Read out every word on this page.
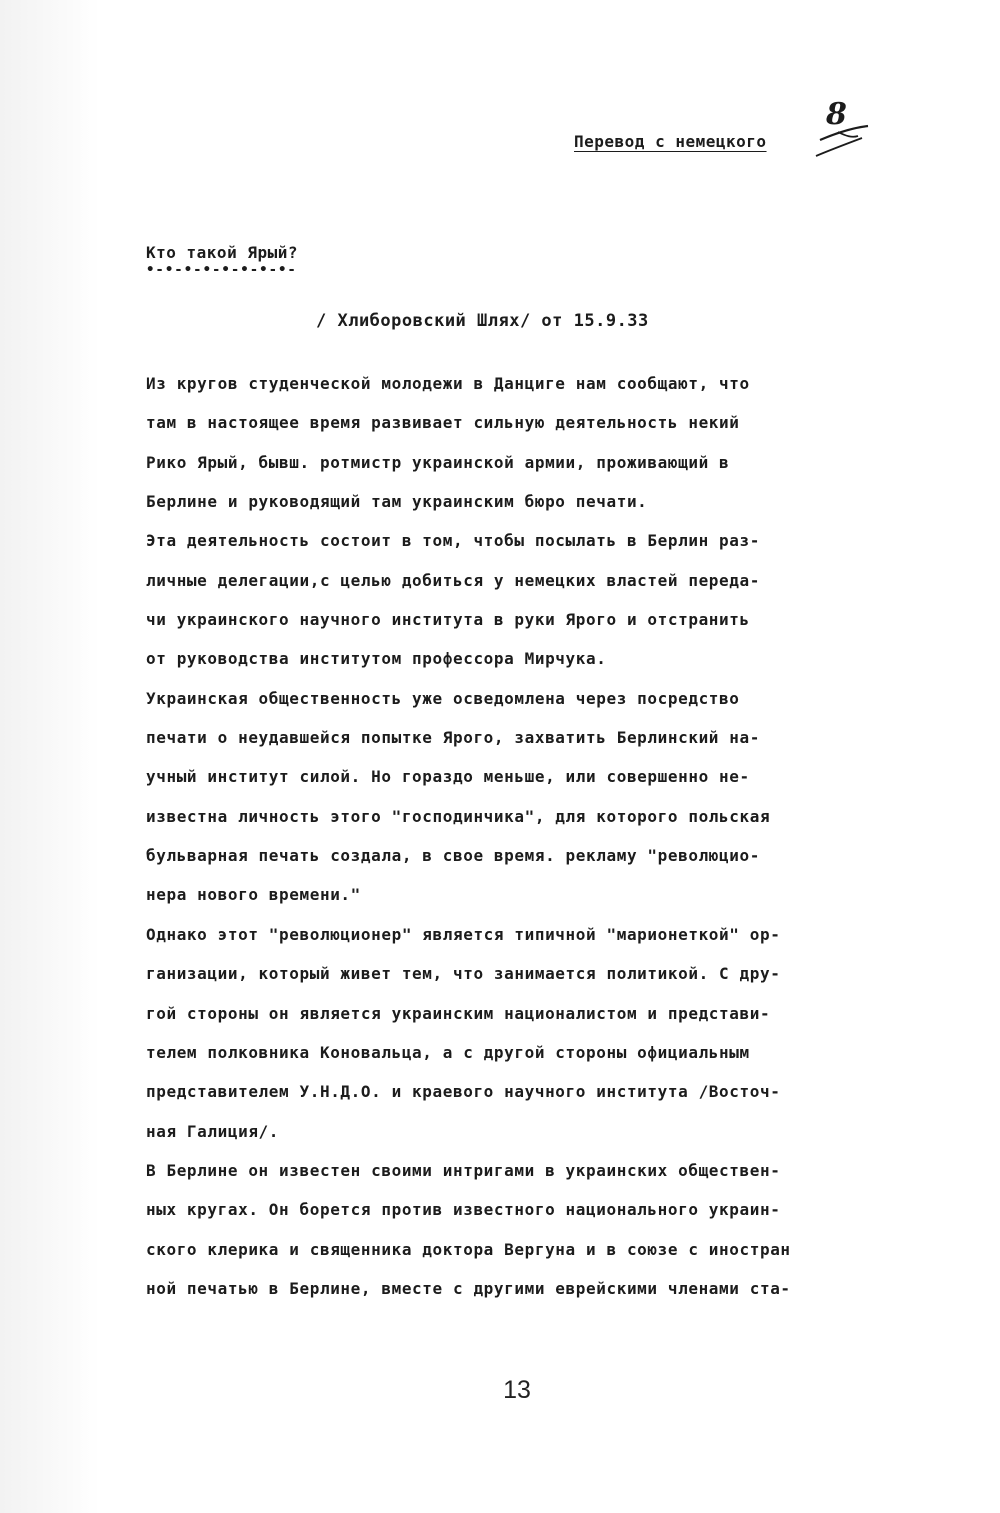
Перевод с немецкого
8
Кто такой Ярый?
•-•-•-•-•-•-•-•-
/ Хлиборовский Шлях/ от 15.9.33
Из кругов студенческой молодежи в Данциге нам сообщают, что
там в настоящее время развивает сильную деятельность некий
Рико Ярый, бывш. ротмистр украинской армии, проживающий в
Берлине и руководящий там украинским бюро печати.
Эта деятельность состоит в том, чтобы посылать в Берлин раз-
личные делегации,с целью добиться у немецких властей переда-
чи украинского научного института в руки Ярого и отстранить
от руководства институтом профессора Мирчука.
Украинская общественность уже осведомлена через посредство
печати о неудавшейся попытке Ярого, захватить Берлинский на-
учный институт силой. Но гораздо меньше, или совершенно не-
известна личность этого "господинчика", для которого польская
бульварная печать создала, в свое время. рекламу "революцио-
нера нового времени."
Однако этот "революционер" является типичной "марионеткой" ор-
ганизации, который живет тем, что занимается политикой. С дру-
гой стороны он является украинским националистом и представи-
телем полковника Коновальца, а с другой стороны официальным
представителем У.Н.Д.О. и краевого научного института /Восточ-
ная Галиция/.
В Берлине он известен своими интригами в украинских обществен-
ных кругах. Он борется против известного национального украин-
ского клерика и священника доктора Вергуна и в союзе с иностран
ной печатью в Берлине, вместе с другими еврейскими членами ста-
13
